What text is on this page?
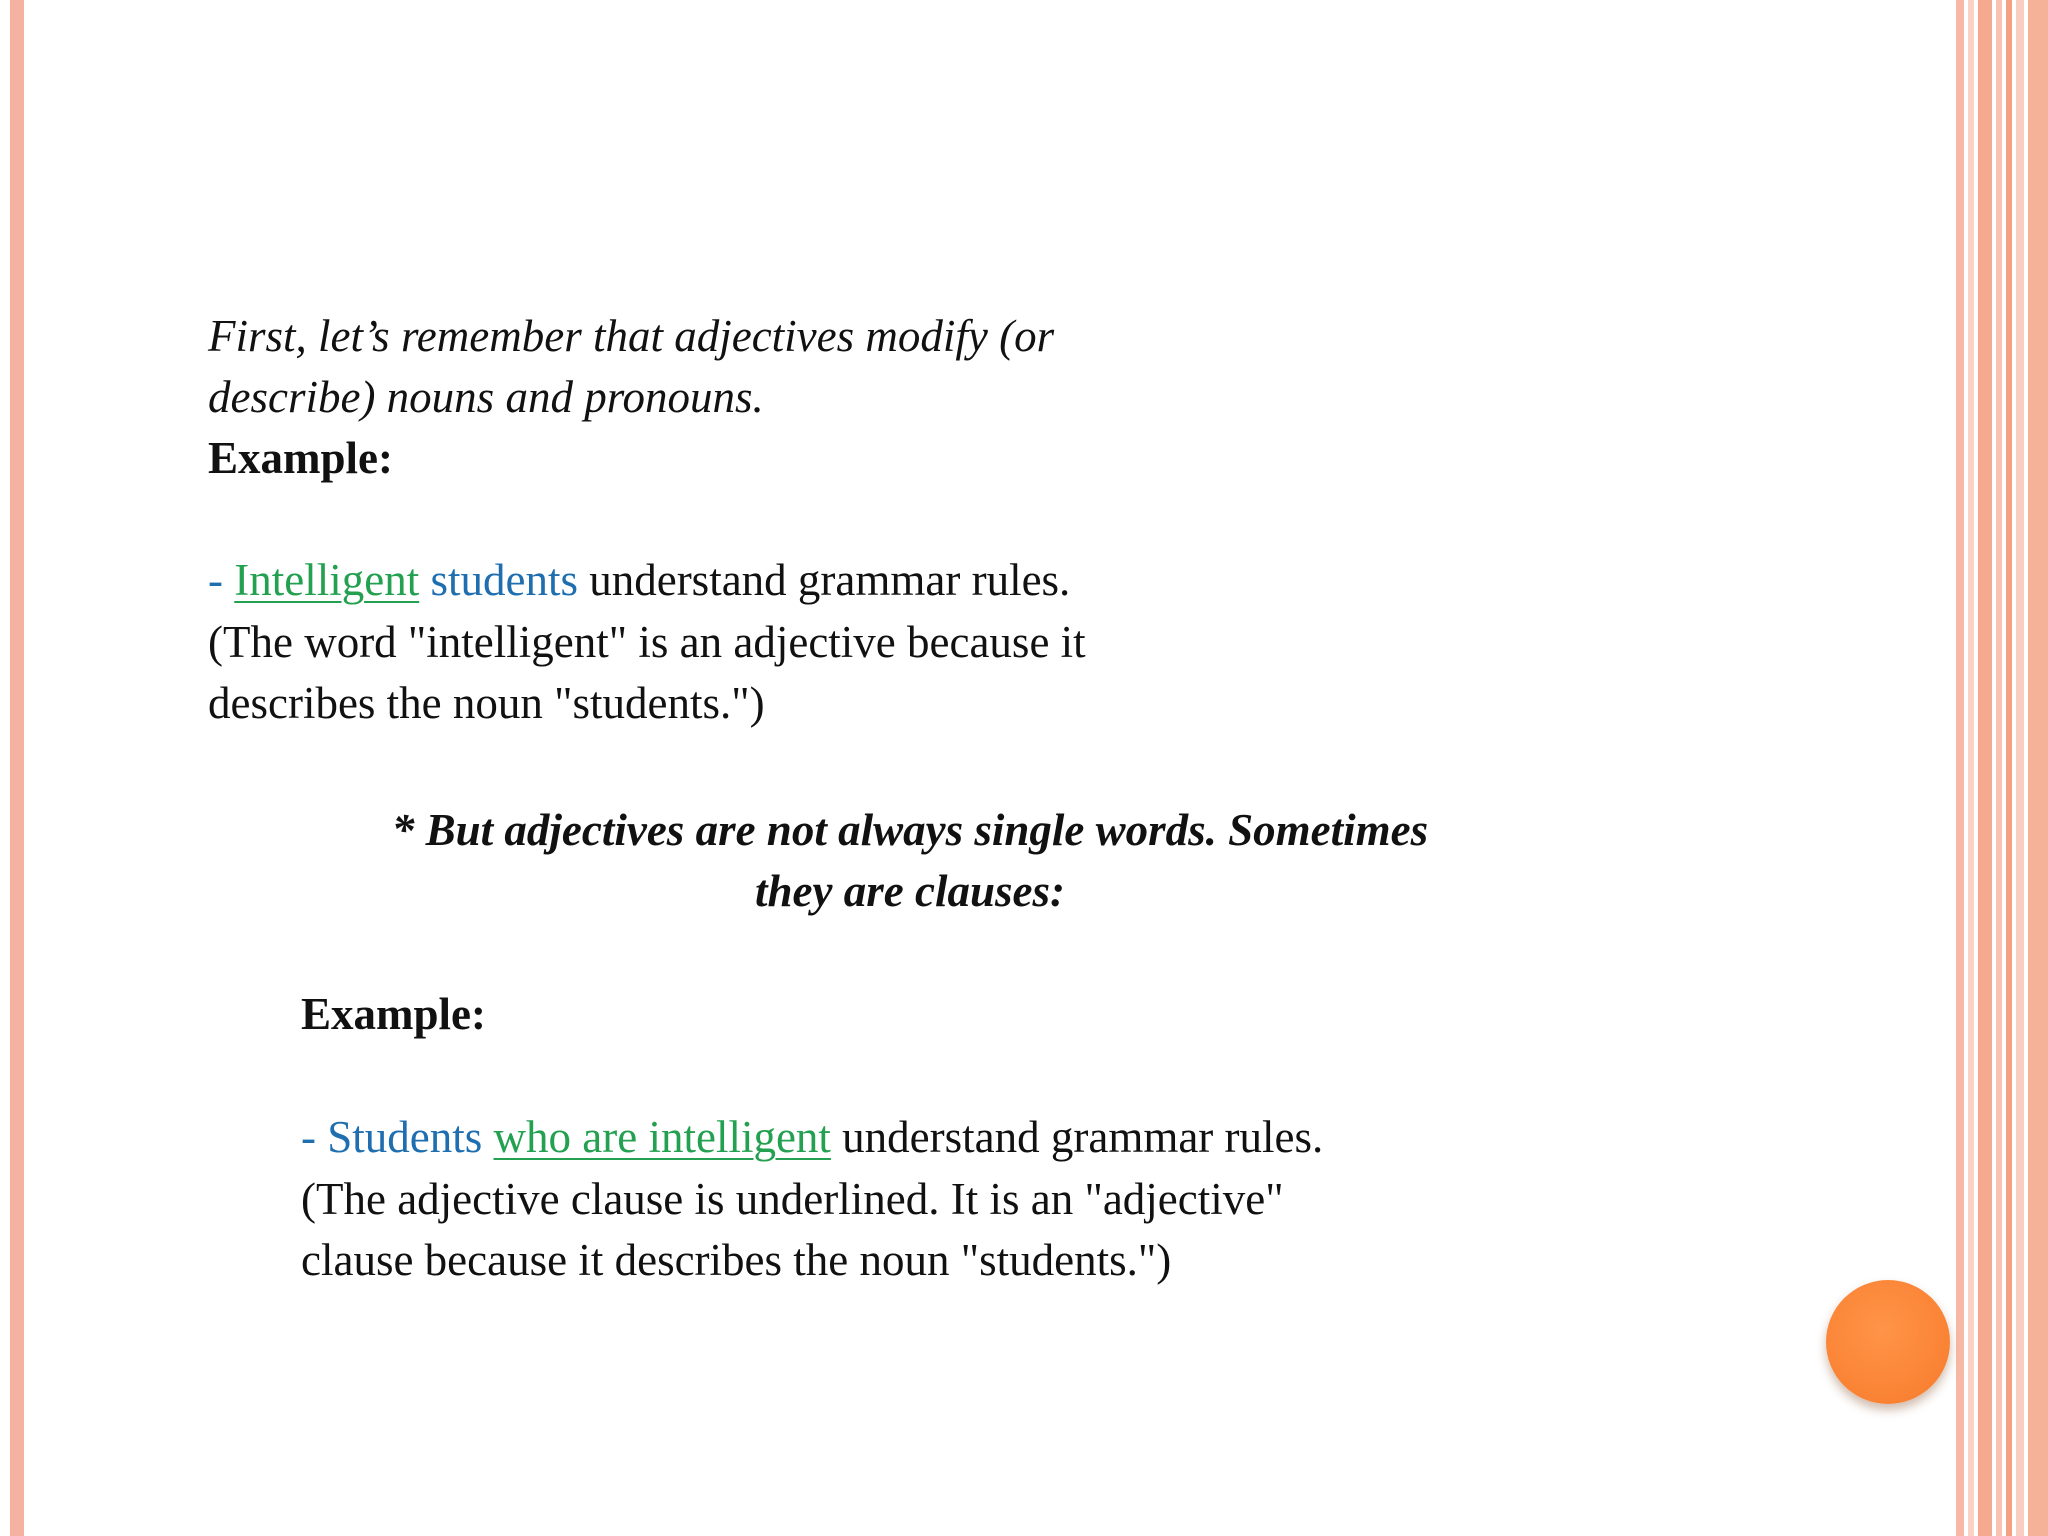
First, let’s remember that adjectives modify (or
describe) nouns and pronouns.
Example:
- Intelligent students understand grammar rules.
(The word "intelligent" is an adjective because it
describes the noun "students.")
* But adjectives are not always single words. Sometimes
they are clauses:
Example:
- Students who are intelligent understand grammar rules.
(The adjective clause is underlined. It is an "adjective"
clause because it describes the noun "students.")
